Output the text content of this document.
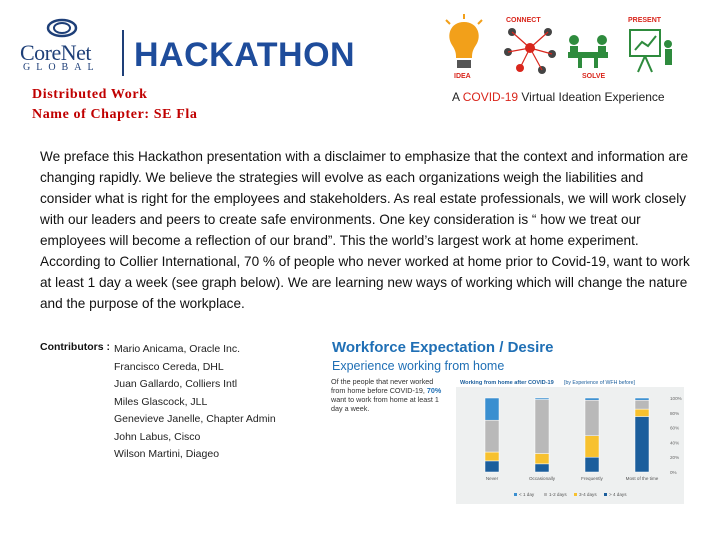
CoreNet
GLOBAL HACKATHON
IDEA
CONNECT
SOLVE
PRESENT
A COVID-19 Virtual Ideation Experience
Distributed Work
Name of Chapter: SE Fla
We preface this Hackathon presentation with a disclaimer to emphasize that the context and information are changing rapidly. We believe the strategies will evolve as each organizations weigh the liabilities and consider what is right for the employees and stakeholders. As real estate professionals, we will work closely with our leaders and peers to create safe environments. One key consideration is “ how we treat our employees will become a reflection of our brand”. This the world’s largest work at home experiment. According to Collier International, 70 % of people who never worked at home prior to Covid-19, want to work at least 1 day a week (see graph below). We are learning new ways of working which will change the nature and the purpose of the workplace.
Contributors : Mario Anicama, Oracle Inc.
Francisco Cereda, DHL
Juan Gallardo, Colliers Intl
Miles Glascock, JLL
Genevieve Janelle, Chapter Admin
John Labus, Cisco
Wilson Martini, Diageo
Workforce Expectation / Desire
Experience working from home
Of the people that never worked from home before COVID-19, 70% want to work from home at least 1 day a week.
Working from home after COVID-19 [by Experience of WFH before]
100%
80%
60%
40%
20%
0%
Never	Occasionally	Frequently	Most of the time
< 1 day	1-2 days	3-4 days	> 4 days
